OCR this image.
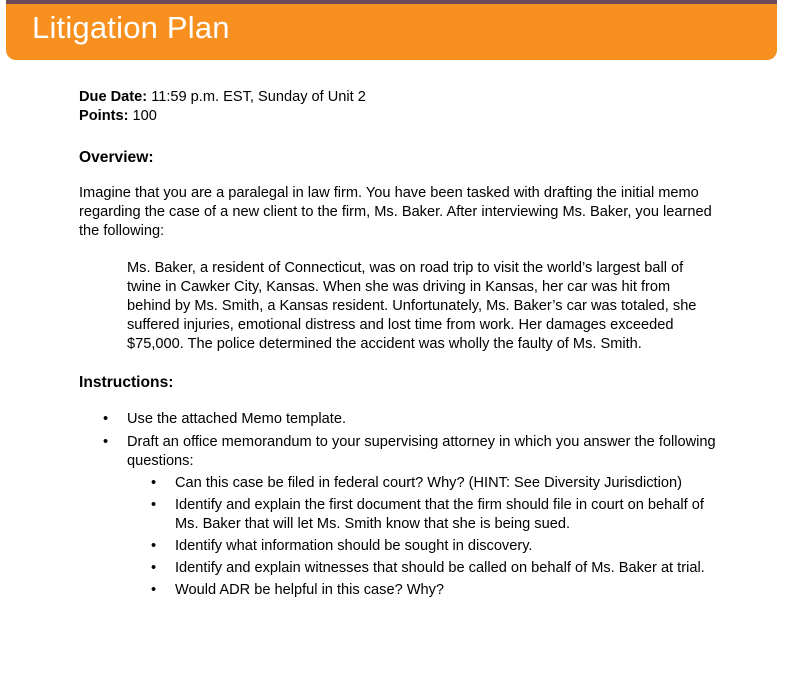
Litigation Plan

Due Date: 11:59 p.m. EST, Sunday of Unit 2

Points: 100

Overview:

Imagine that you are a paralegal in law firm. You have been tasked with drafting the initial memo regarding the case of a new client to the firm, Ms. Baker. After interviewing Ms. Baker, you learned the following:

Ms. Baker, a resident of Connecticut, was on road trip to visit the world’s largest ball of twine in Cawker City, Kansas. When she was driving in Kansas, her car was hit from behind by Ms. Smith, a Kansas resident. Unfortunately, Ms. Baker’s car was totaled, she suffered injuries, emotional distress and lost time from work. Her damages exceeded $75,000. The police determined the accident was wholly the faulty of Ms. Smith.

Instructions:

• Use the attached Memo template.
• Draft an office memorandum to your supervising attorney in which you answer the following questions:
• Can this case be filed in federal court? Why? (HINT: See Diversity Jurisdiction)
• Identify and explain the first document that the firm should file in court on behalf of Ms. Baker that will let Ms. Smith know that she is being sued.
• Identify what information should be sought in discovery.
• Identify and explain witnesses that should be called on behalf of Ms. Baker at trial.
• Would ADR be helpful in this case? Why?
